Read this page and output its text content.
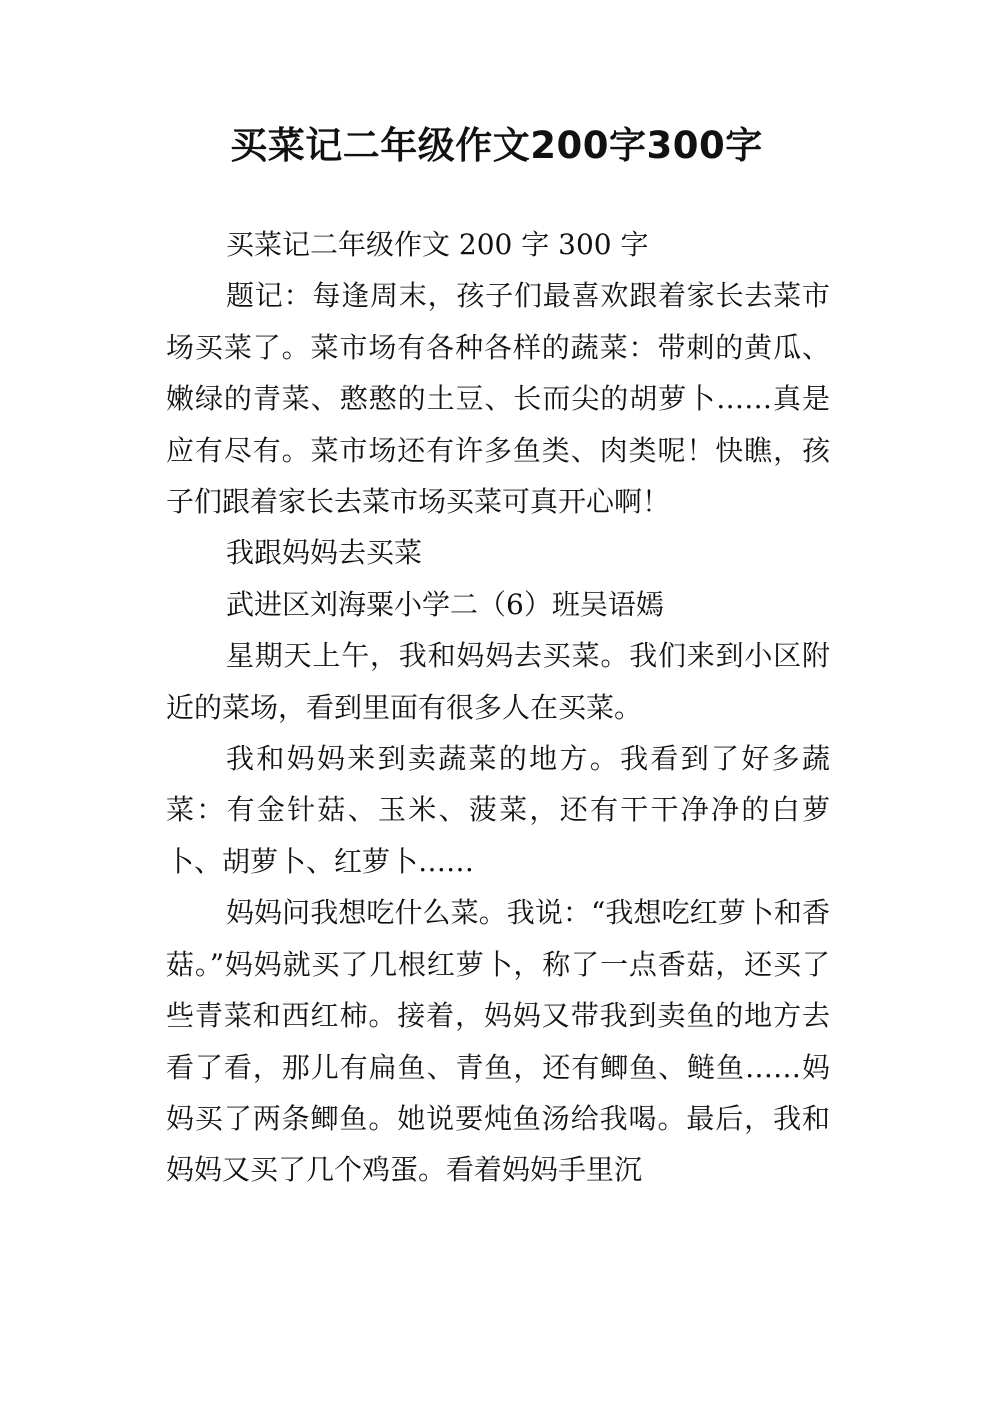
买菜记二年级作文200字300字

买菜记二年级作文 200 字 300 字

题记：每逢周末，孩子们最喜欢跟着家长去菜市场买菜了。菜市场有各种各样的蔬菜：带刺的黄瓜、嫩绿的青菜、憨憨的土豆、长而尖的胡萝卜……真是应有尽有。菜市场还有许多鱼类、肉类呢！快瞧，孩子们跟着家长去菜市场买菜可真开心啊！

我跟妈妈去买菜

武进区刘海粟小学二（6）班吴语嫣

星期天上午，我和妈妈去买菜。我们来到小区附近的菜场，看到里面有很多人在买菜。

我和妈妈来到卖蔬菜的地方。我看到了好多蔬菜：有金针菇、玉米、菠菜，还有干干净净的白萝卜、胡萝卜、红萝卜……

妈妈问我想吃什么菜。我说：“我想吃红萝卜和香菇。”妈妈就买了几根红萝卜，称了一点香菇，还买了些青菜和西红柿。接着，妈妈又带我到卖鱼的地方去看了看，那儿有扁鱼、青鱼，还有鲫鱼、鲢鱼……妈妈买了两条鲫鱼。她说要炖鱼汤给我喝。最后，我和妈妈又买了几个鸡蛋。看着妈妈手里沉
